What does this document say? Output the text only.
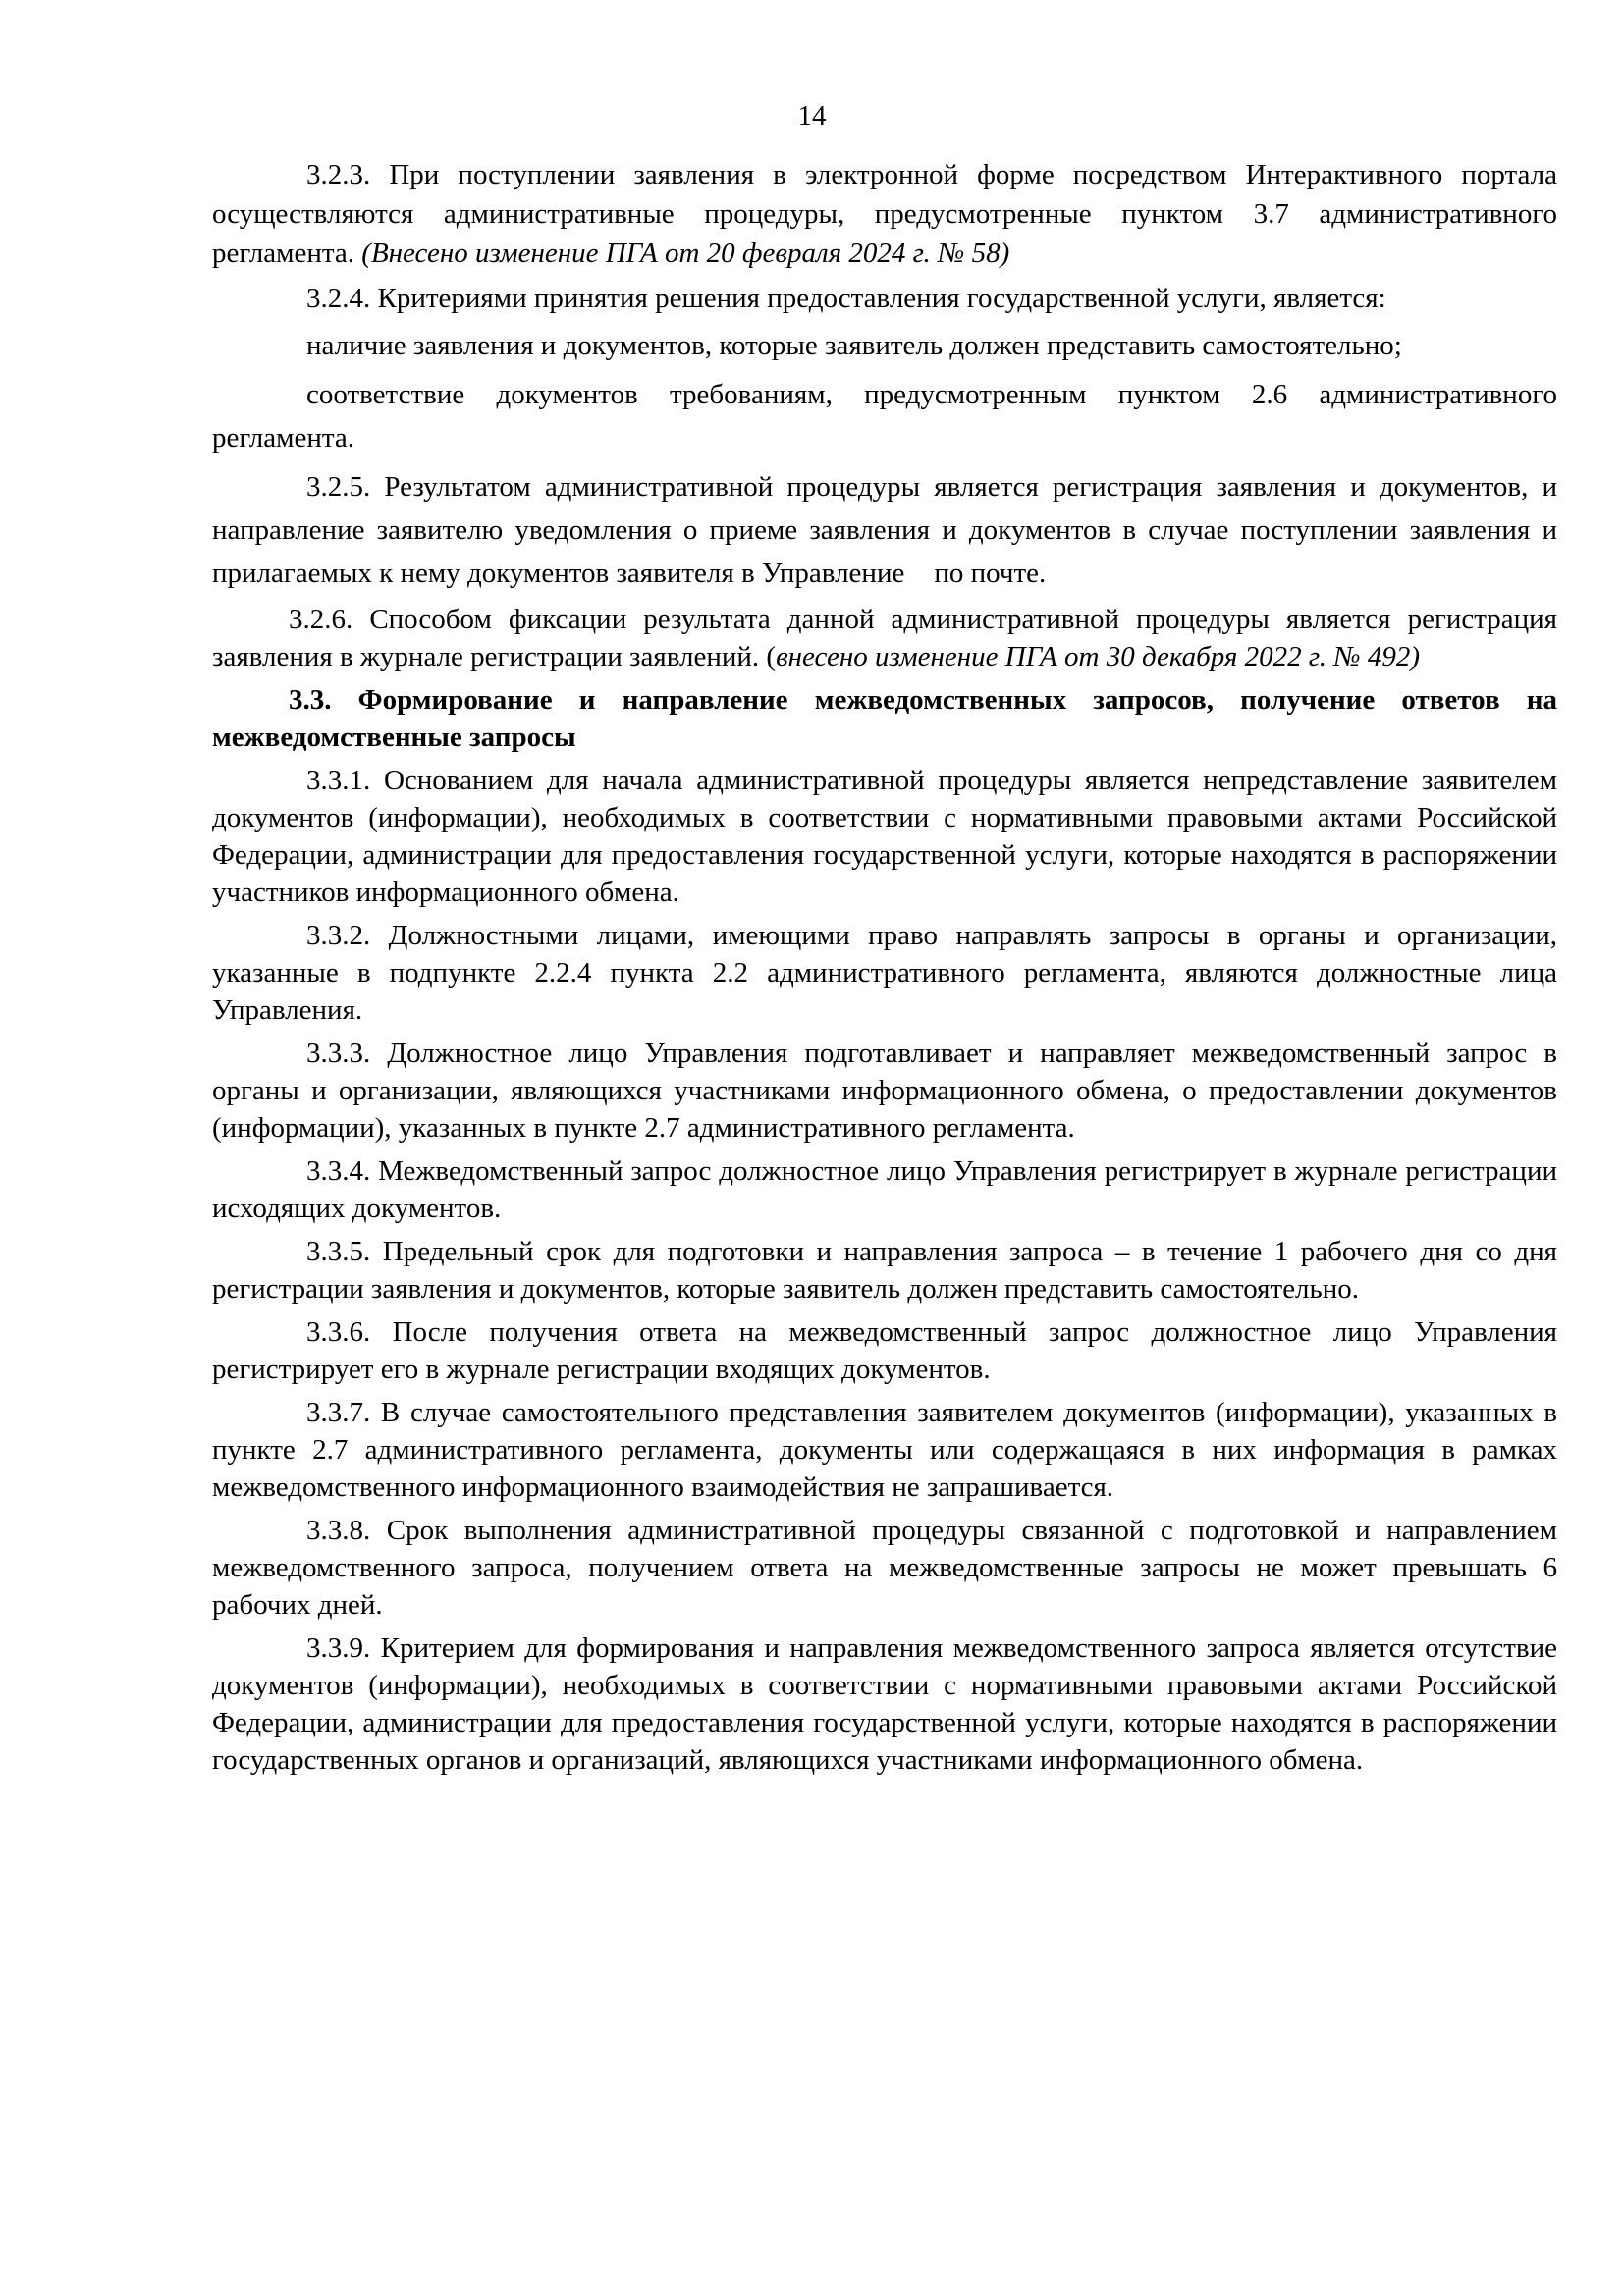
14

3.2.3. При поступлении заявления в электронной форме посредством Интерактивного портала осуществляются административные процедуры, предусмотренные пунктом 3.7 административного регламента. (Внесено изменение ПГА от 20 февраля 2024 г. № 58)

3.2.4. Критериями принятия решения предоставления государственной услуги, является:

наличие заявления и документов, которые заявитель должен представить самостоятельно;

соответствие документов требованиям, предусмотренным пунктом 2.6 административного регламента.

3.2.5. Результатом административной процедуры является регистрация заявления и документов, и направление заявителю уведомления о приеме заявления и документов в случае поступлении заявления и прилагаемых к нему документов заявителя в Управление по почте.

3.2.6. Способом фиксации результата данной административной процедуры является регистрация заявления в журнале регистрации заявлений. (внесено изменение ПГА от 30 декабря 2022 г. № 492)

3.3. Формирование и направление межведомственных запросов, получение ответов на межведомственные запросы

3.3.1. Основанием для начала административной процедуры является непредставление заявителем документов (информации), необходимых в соответствии с нормативными правовыми актами Российской Федерации, администрации для предоставления государственной услуги, которые находятся в распоряжении участников информационного обмена.

3.3.2. Должностными лицами, имеющими право направлять запросы в органы и организации, указанные в подпункте 2.2.4 пункта 2.2 административного регламента, являются должностные лица Управления.

3.3.3. Должностное лицо Управления подготавливает и направляет межведомственный запрос в органы и организации, являющихся участниками информационного обмена, о предоставлении документов (информации), указанных в пункте 2.7 административного регламента.

3.3.4. Межведомственный запрос должностное лицо Управления регистрирует в журнале регистрации исходящих документов.

3.3.5. Предельный срок для подготовки и направления запроса – в течение 1 рабочего дня со дня регистрации заявления и документов, которые заявитель должен представить самостоятельно.

3.3.6. После получения ответа на межведомственный запрос должностное лицо Управления регистрирует его в журнале регистрации входящих документов.

3.3.7. В случае самостоятельного представления заявителем документов (информации), указанных в пункте 2.7 административного регламента, документы или содержащаяся в них информация в рамках межведомственного информационного взаимодействия не запрашивается.

3.3.8. Срок выполнения административной процедуры связанной с подготовкой и направлением межведомственного запроса, получением ответа на межведомственные запросы не может превышать 6 рабочих дней.

3.3.9. Критерием для формирования и направления межведомственного запроса является отсутствие документов (информации), необходимых в соответствии с нормативными правовыми актами Российской Федерации, администрации для предоставления государственной услуги, которые находятся в распоряжении государственных органов и организаций, являющихся участниками информационного обмена.
